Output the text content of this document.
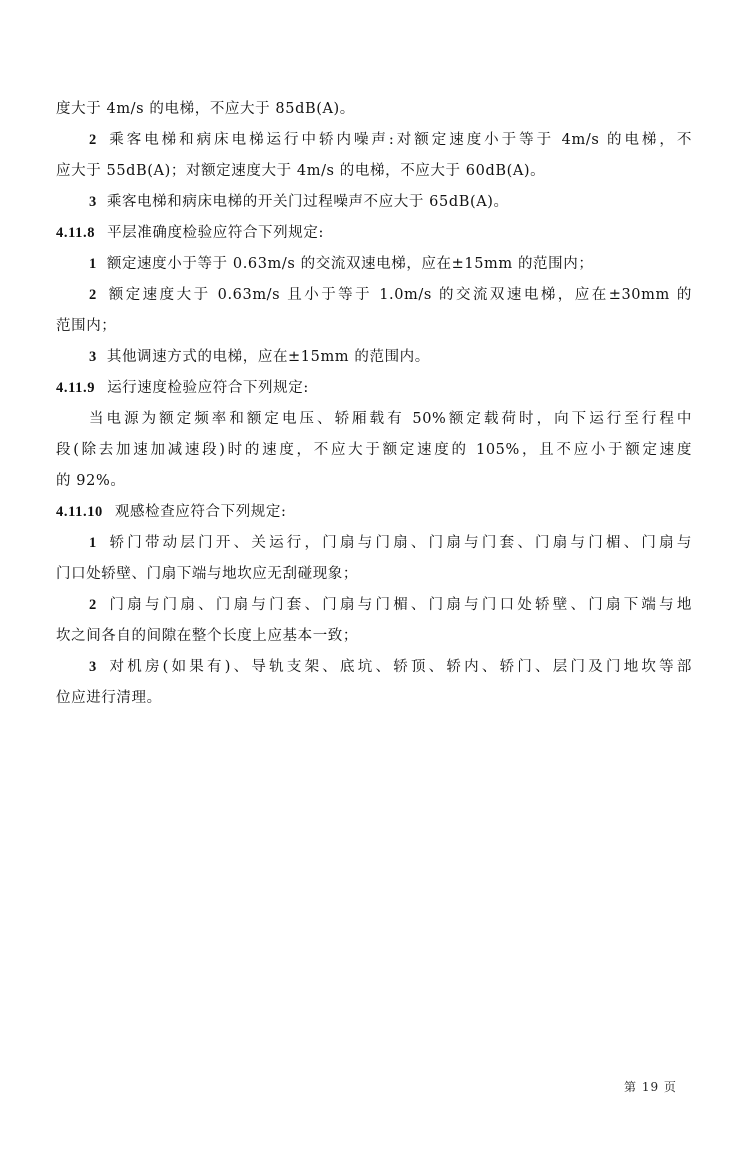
度大于 4m/s 的电梯，不应大于 85dB(A)。

2 乘客电梯和病床电梯运行中轿内噪声:对额定速度小于等于 4m/s 的电梯，不

应大于 55dB(A)；对额定速度大于 4m/s 的电梯，不应大于 60dB(A)。

3 乘客电梯和病床电梯的开关门过程噪声不应大于 65dB(A)。

4.11.8 平层准确度检验应符合下列规定:

1 额定速度小于等于 0.63m/s 的交流双速电梯，应在±15mm 的范围内；

2 额定速度大于 0.63m/s 且小于等于 1.0m/s 的交流双速电梯，应在±30mm 的

范围内；

3 其他调速方式的电梯，应在±15mm 的范围内。

4.11.9 运行速度检验应符合下列规定:

当电源为额定频率和额定电压、轿厢载有 50%额定载荷时，向下运行至行程中

段(除去加速加减速段)时的速度，不应大于额定速度的 105%，且不应小于额定速度

的 92%。

4.11.10 观感检查应符合下列规定:

1 轿门带动层门开、关运行，门扇与门扇、门扇与门套、门扇与门楣、门扇与

门口处轿壁、门扇下端与地坎应无刮碰现象；

2 门扇与门扇、门扇与门套、门扇与门楣、门扇与门口处轿壁、门扇下端与地

坎之间各自的间隙在整个长度上应基本一致；

3 对机房(如果有)、导轨支架、底坑、轿顶、轿内、轿门、层门及门地坎等部

位应进行清理。

第 19 页
